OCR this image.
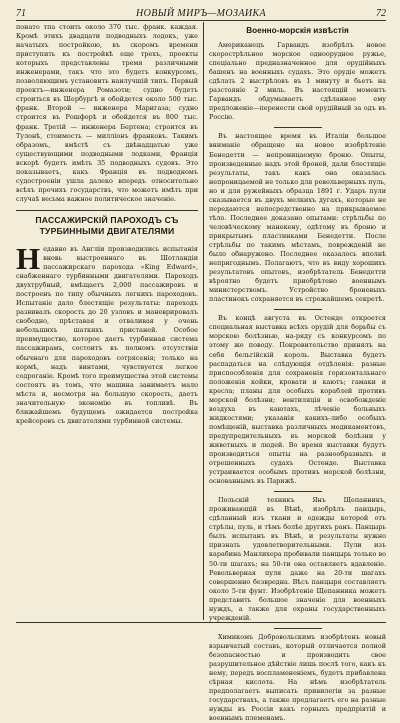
71	НОВЫЙ МИРЪ—МОЗАИКА	72

понато тпа стоить около 370 тыс. франк. каждая. Кромѣ этихъ двадцати подводныхъ лодокъ, уже начатыхъ постройкою, въ скоромъ времени приступить къ постройкѣ еще трехъ, проекты которыхъ представлены тремя различными инженерами, такъ что это будетъ конкурсомъ, позволяющимъ установить наилучшій типъ. Первый проектъ—инженера Ромазоти; судно будетъ строиться въ Шербургѣ и обойдется около 500 тыс. франк. Второй — инженера Маригаза; судно строится въ Рошфорѣ и обойдется въ 800 тыс. франк. Третій — инженера Бертена; строится въ Тулонѣ, стоимость — милліонъ франковъ. Такимъ образомъ, вмѣстѣ съ двѣнадцатью уже существующими подводными лодками, Франція вскорѣ будетъ имѣть 35 подводныхъ судовъ. Это показываетъ, какъ Франція въ подводномъ судостроеніи ушла далеко впередъ относительно всѣхъ прочихъ государствъ, что можетъ имѣть при случаѣ весьма важное политическое значеніе.

ПАССАЖИРСКІЙ ПАРОХОДЪ СЪ ТУРБИННЫМИ ДВИГАТЕЛЯМИ
Н едавно въ Англіи производились испытанія вновь выстроеннаго въ Шотландіи пассажирскаго парохода «King Edward», снабженнаго турбинными двигателями. Пароходъ двухтрубный, вмѣщаетъ 2,000 пассажировъ и построенъ по типу обычныхъ легкихъ пароходовъ. Испытаніе дало блестящіе результаты: пароходъ развивалъ скорость до 20 узловъ и маневрировалъ свободно, прѣставая и отваливая у очень небольшихъ шаткихъ пристаней. Особое преимущество, которое даетъ турбинная система пассажирамъ, состоитъ въ полномъ отсутствіи обычнаго для пароходовъ сотрясенія; только на кормѣ, надъ винтами, чувствуется легкое содроганіе. Кромѣ того преимущества этой системы состоятъ въ томъ, что машина занимаетъ мало мѣста и, несмотря на большую скорость, даетъ значительную экономію въ топливѣ. Въ ближайшемъ будущемъ ожидается постройка крейсеровъ съ двигателями турбинной системы.

Военно-морскія извѣстія

Американецъ Гарвандъ изобрѣлъ новое скорострѣльное морское одноорудное ружье, спеціально предназначенное для орудійныхъ башенъ на военныхъ судахъ. Это орудіе можетъ сдѣлать 2 выстрѣловъ въ 1 минуту и бьетъ на разстояніе 2 миль. Въ настоящій моментъ Гарвандъ обдумываетъ сдѣланное ему предложеніе—перенести свой орудійный за одъ въ Россію.

Въ настоящее время въ Италіи большое вниманіе обращено на новое изобрѣтеніе Бенедетти — непроницаемую броню. Опыты, произведенные надъ этой броней, дали блестящіе результаты, такъ какъ она оказалась непроницаемой не только для револьверныхъ пуль, но и для ружейныхъ образца 1891 г. Ударъ пули сказывается въ двухъ мелкихъ дугахъ, которые не передаются непосредственно на прикрываемое тѣло. Последнее доказано опытами: стрѣльбы по человѣческому манекену, одѣтому въ броню и прикрытымъ пластинками Бенедетти. После стрѣльбы по такимъ мѣстамъ, поврежденій не было обнаружено. Последнее оказалось вполнѣ непригоднымъ. Полагаютъ, что въ виду хорошихъ результатовъ опытовъ, изобрѣтатель Бенедетти вѣроятно будетъ приобрѣтено военнымъ министерствомъ. Устройство броневыхъ пластинокъ сохраняется въ строжайшемъ секретѣ.

Въ концѣ августа въ Остенде откроется специальная выставка всѣхъ орудій для борьбы съ морскою болѣзнью, на-ряду съ конкурсомъ по этому же поводу. Покровительство принялъ на себя бельгійскій король. Выставка будетъ распадаться на слѣдующія отдѣленія: разные приспособленія для сохраненія горизонтальнаго положенія койки, кровати и каютъ; гамаки и кресла; планы для особыхъ кораблей противъ морской болѣзни; вентиляція и освобожденіе воздуха въ каютахъ, лѣченіе больныхъ жидкостями; указанія какихъ-либо особыхъ помѣщеній, выставка различныхъ медикаментовъ, предупредительныхъ въ морской болѣзни у животныхъ и людей. Во время выставки будутъ производиться опыты на разнообразныхъ и отрешенныхъ судахъ Остенде. Выставка устраивается особымъ противъ морской болѣзни, основаннымъ въ Парижѣ.

Польскій техникъ Янъ Щепанникъ, проживающій въ Вѣнѣ, изобрѣлъ панцырь, сдѣланный изъ ткани и одежды которой отъ стрѣлы, пуль, и тѣмъ болѣе другихъ ранъ. Панцырь былъ испытанъ въ Вѣнѣ, и результаты нужно признать удовлетворительными. Пули изъ карабина Манлихера пробивали панцырь только во 50-ти шагахъ; на 50-ти она оставляетъ вдавленіе. Револьверная пуля даже на 20-ти шагахъ совершенно безвредна. Вѣсъ панцыря составляетъ около 5-ти фунт. Изобрѣтеніе Щепанника можетъ представить большое значеніе для военныхъ нуждъ, а также для охраны государственныхъ учрежденій.

Химикомъ Добровольскимъ изобрѣтенъ новый взрывчатый составъ, который отличается полной безопасностью и производить свое разрушительное дѣйствіе лишь послѣ того, какъ къ нему, передъ воспламененіемъ, будетъ прибавлена сѣрная кислота. На нѣмъ изобрѣтатель предполагаетъ выписать привилегіи за разные государствахъ, а также предлагаетъ его на разные нужды въ Россіи какъ горныхъ предпріятій и военнымъ племенамъ.
